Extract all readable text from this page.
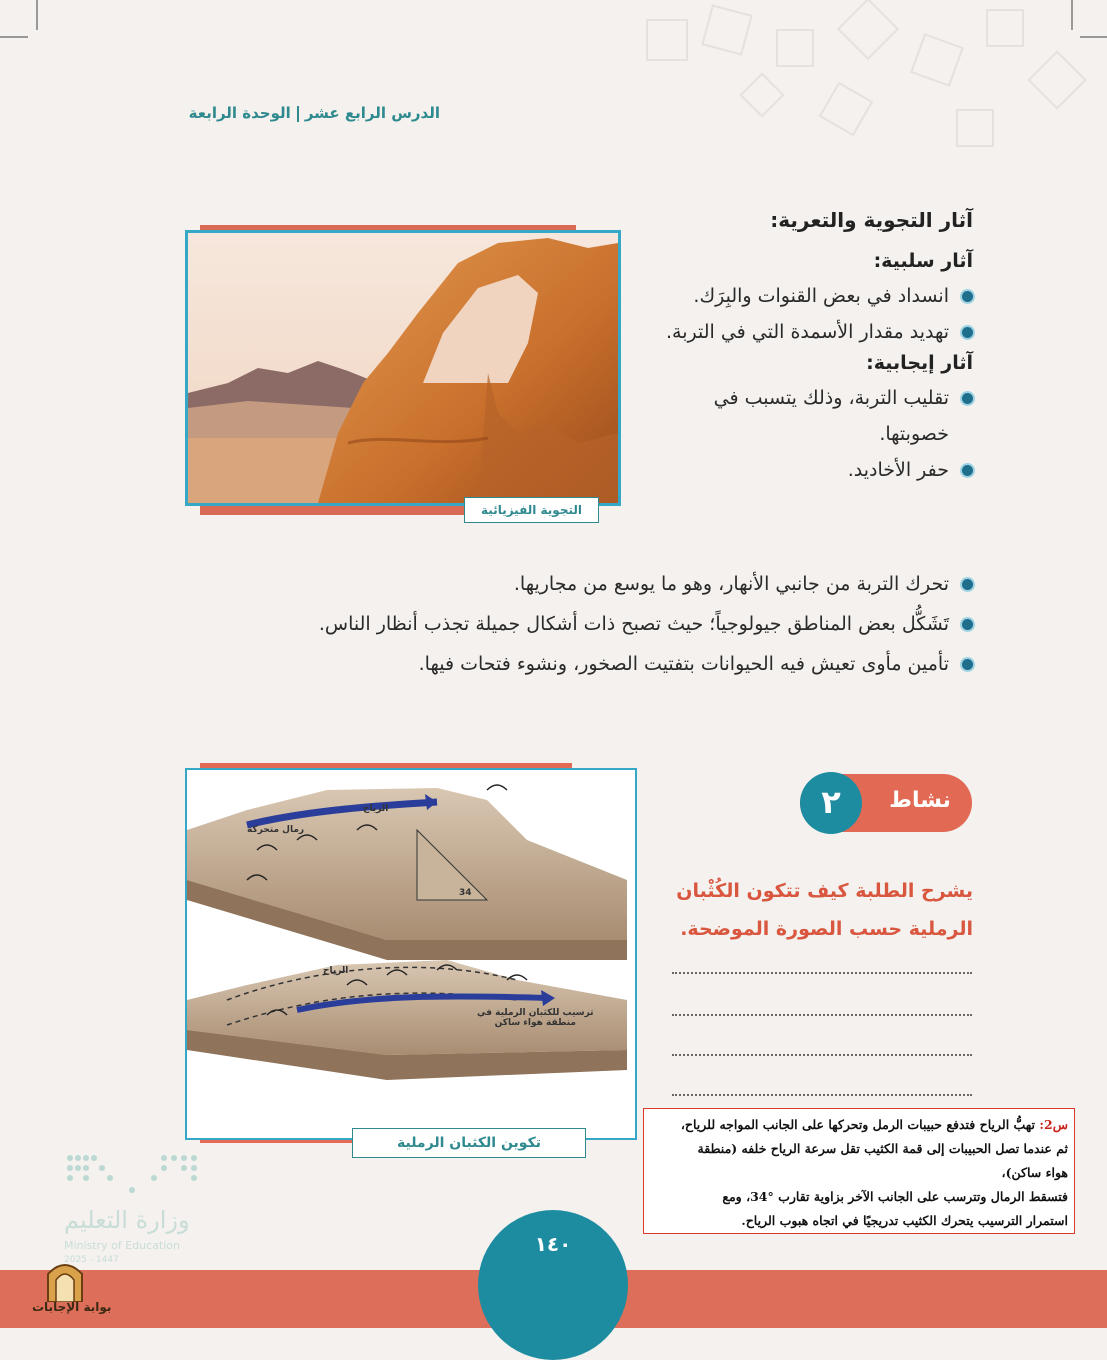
الدرس الرابع عشرالوحدة الرابعة
التجوية الفيزيائية
آثار التجوية والتعرية:
آثار سلبية:
انسداد في بعض القنوات والبِرَك.
تهديد مقدار الأسمدة التي في التربة.
آثار إيجابية:
تقليب التربة، وذلك يتسبب في خصوبتها.
حفر الأخاديد.
تحرك التربة من جانبي الأنهار، وهو ما يوسع من مجاريها.
تَشَكُّل بعض المناطق جيولوجياً؛ حيث تصبح ذات أشكال جميلة تجذب أنظار الناس.
تأمين مأوى تعيش فيه الحيوانات بتفتيت الصخور، ونشوء فتحات فيها.
نشاط
٢
يشرح الطلبة كيف تتكون الكُثْبان
الرملية حسب الصورة الموضحة.
الرياح
رمال متحركة
34
الرياح
ترسيب للكثبان الرملية في
منطقة هواء ساكن
تكوين الكثبان الرملية
س2: تهبُّ الرياح فتدفع حبيبات الرمل وتحركها على الجانب المواجه للرياح،
ثم عندما تصل الحبيبات إلى قمة الكثيب تقل سرعة الرياح خلفه (منطقة
هواء ساكن)،
فتسقط الرمال وتترسب على الجانب الآخر بزاوية تقارب °34، ومع
استمرار الترسيب يتحرك الكثيب تدريجيًا في اتجاه هبوب الرياح.
وزارة التعليم
Ministry of Education
2025 - 1447
١٤٠
بوابة الإجابات
